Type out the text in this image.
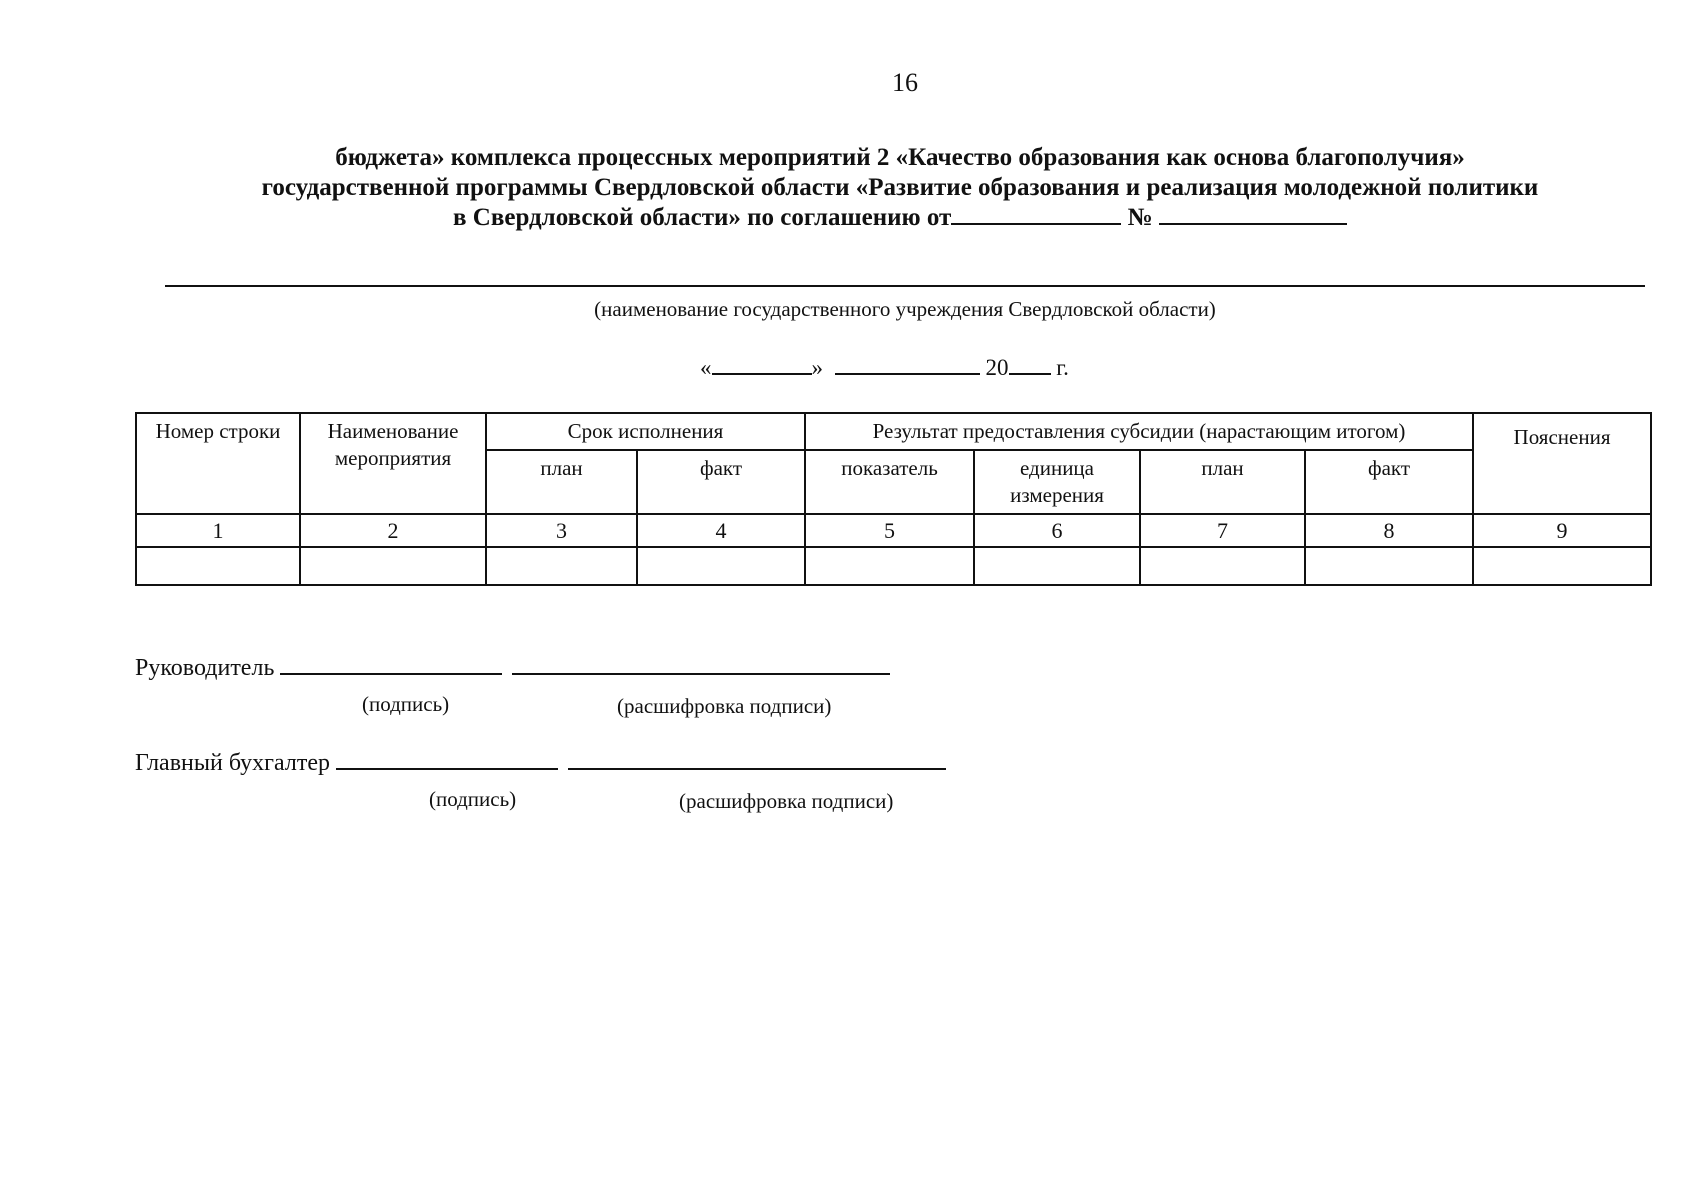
16
бюджета» комплекса процессных мероприятий 2 «Качество образования как основа благополучия»
государственной программы Свердловской области «Развитие образования и реализация молодежной политики
в Свердловской области» по соглашению от	№
(наименование государственного учреждения Свердловской области)
«	»	20 г.
Номер строки	Наименование мероприятия	Срок исполнения		Результат предоставления субсидии (нарастающим итогом)				Пояснения
		план	факт	показатель	единица измерения	план	факт	
1	2	3	4	5	6	7	8	9

Руководитель
(подпись)	(расшифровка подписи)
Главный бухгалтер
(подпись)	(расшифровка подписи)
